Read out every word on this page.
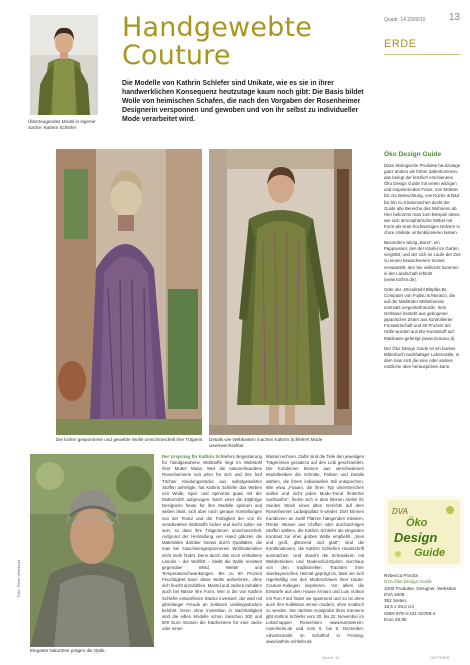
Überzeugendes Model in eigener Sache: Kathrin Schlefer
Handgewebte
Couture
Die Modelle von Kathrin Schlefer sind Unikate, wie es sie in ihrer handwerklichen Konsequenz heutzutage kaum noch gibt: Die Basis bildet Wolle von heimischen Schafen, die nach den Vorgaben der Rosenheimer Designerin versponnen und gewoben und von ihr selbst zu individueller Mode verarbeitet wird.
Quadr. 14.2009/10	13
ERDE
Die locker gesponnene und gewebte Wolle umschmeichelt ihre Trägerin.	Details wie Webkanten machen Kathrin Schlefers Mode unverwechselbar.
Foto: Rene Weinhold
Elegante Naturtöne prägen die Optik.
Der Ursprung für Kathrin Schlefers Begeisterung für handgewobene Wollstoffe liegt im Webstuhl ihrer Mutter Maria. Weil die naturverbundene Rosenheimerin seit jeher für sich und ihre fünf Töchter Kleidungsstücke aus selbstgewebten Stoffen anfertigte, hat Kathrin Schlefer das Weben von Wolle, Spul- und Spinnrad quasi mit der Muttermilch aufgesogen. Nach einer die 43jährige Designerin heute für ihre Modelle spinnen und weben lässt, sich aber noch genaue Vorstellungen von der Textur und der Farbigkeit der von ihr verarbeiteten Wollstoffe locker und leicht sollen sie sein, so dass ihre Trägerinnen umschmeichelt. Aufgrund der Herstellung von Hand glänzen die Materialien darüber hinaus durch Qualitäten, die man bei maschinengesponnenen Wollmaterialien nicht mehr findet. Denn durch das noch enthaltene Lanolin – der Wollfett – bleibt die Wolle resistent gegenüber Wind, Wetter und Temperaturschwankungen. Bis zu 60 Prozent Feuchtigkeit kann diese Wolle aufnehmen, ohne sich feucht anzufühlen. Mantel und Jacken behalten auch bei Nässe ihre Form. Wer in die von Kathrin Schlefer entworfenen Stücke investiert, der wird mit jahrelanger Freude an zeitlosen Lieblingsstücken belohnt. Denn ohne Investition in Nachhaltigkeit sind die edlen Modelle schon zwischen 300 und 800 Euro müssen die Käuferinnen für eine Jacke oder einen
Mantel rechnen. Dafür sind die Teile den jeweiligen Trägerinnen geradezu auf den Leib geschneidert. Die Kundinnen können aus verschiedenen Modelltreiben die Schnitte, Farben und Details wählen, die ihrem individuellen Stil entsprechen. Wie etwa „Frauen, die ihren Typ unterstreichen wollen und nicht jeden Mode-Trend hinterher nachlaufen", finden sich in dem kleinen Atelier ihr zweites Stück eines alten Gerichts auf dem Rosenheimer Ludwigsplatz 9 wieder. Dort können Kundinnen an zwölf Plätzen hängenden Kleidern, Röcke, Blusen aus Chiffon oder durchsichtigen Stoffen wählen, die Kathrin Schlefer als eleganten Kontrast zur eher groben Wolle empfiehlt. „Sein und groß, glänzend und glatt", sind die Kombinationen, die Kathrin Schlefers Handschrift ausmachen. Und obwohl die Schneiderin mit Webbetrieben und Modeschul-Diplom durchaus von den traditionellen Trachten ihrer oberbayerischen Heimat geprägt ist, lässt sie sich regelmäßig von den Modeschauen ihrer Haute-Couture-Kollegen inspirieren. Vor allem die Entwürfe aus dem Hause Armani und Luis Vuitton mit Tom Ford findet sie spannend und so ist denn auch ihre Kollektion immer modern, ohne modisch zu werden. Die nächste Kostprobe ihres Könnens gibt Kathrin Schlefer vom 20. bis 22. November im Lokschuppen Rosenheim www.kunstverein-rosenheim.de und vom 5. bis 6. Dezember, Adventsmarkt im Schafhof in Freising. www.kathrin-schlefer.de
Öko Design Guide

Dass ökologische Produkte heutzutage ganz anders als früher daherkommen, das belegt der kürzlich erschienene Öko Design Guide mit vielen witzigen und inspirierenden Fotos. Von Möbeln bis zur Beleuchtung, von Küche & Bad bis hin zu Kindersachen deckt der Guide alle Bereiche des Wohnens ab. Hier bekommt man zum Beispiel Ideen, wie sich atmosphärische Möbel mit Form-als-man-hochwertigen Hölzern in chice Unikate umfunktionieren lassen.

Besonders witzig „Borsi", ein Pappsessel, den der Käufer im Garten vergräbt, und der sich im Laufe der Zeit zu einem bewachsenen Sessel verwandelt, den Sie vielleicht kommen in der Landschaft erblüht (www.rochm.de).

Oder der „Woodstuhl Blöpfas Bc Computer von Fujitsu & Monaco, die auf der Mailänder Möbelmesse erstmals vorgestellt wurde. Sein Gehäuse besteht aus gebogener japanischer Zeder aus kontrollierter Forstwirtschaft und 30 Prozent der Hölle wurden aus Bio-Kunststoff auf Maisbasis gefertigt (www.monaco.it).

Der Öko Design Guide ist ein buntes Bilderbuch nachhaltiger Lebensstile, in dem man sich die eine oder andere nützliche Idee herauspicken kann.

DVA
Öko
Design
Guide
Rebecca Proctor
DVA Öko Design Guide
1000 Produkte, Designer, Websites
DVA 2009
352 Seiten,
19,5 x 25,0 cm
ISBN 978-3-421-03766-4
Euro 49,95
Quadr. 14	OKTOBER
